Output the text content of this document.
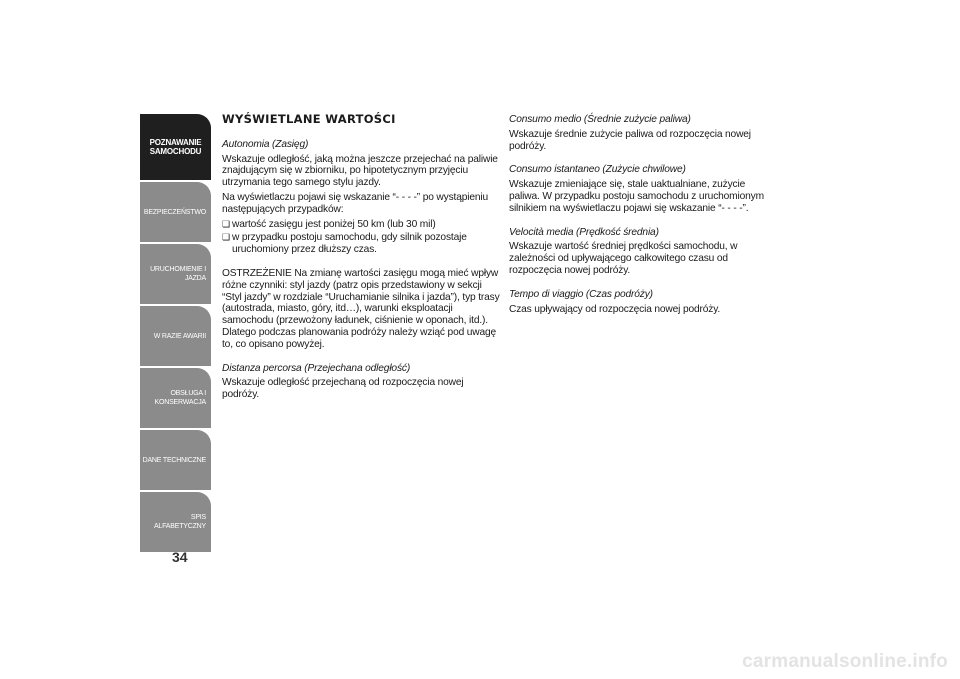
POZNAWANIE SAMOCHODU
BEZPIECZEŃSTWO
URUCHOMIENIE I JAZDA
W RAZIE AWARII
OBSŁUGA I KONSERWACJA
DANE TECHNICZNE
SPIS ALFABETYCZNY
34
WYŚWIETLANE WARTOŚCI
Autonomia (Zasięg)

Wskazuje odległość, jaką można jeszcze przejechać na paliwie znajdującym się w zbiorniku, po hipotetycznym przyjęciu utrzymania tego samego stylu jazdy.

Na wyświetlaczu pojawi się wskazanie “- - - -” po wystąpieniu następujących przypadków:

❏ wartość zasięgu jest poniżej 50 km (lub 30 mil)
❏ w przypadku postoju samochodu, gdy silnik pozostaje uruchomiony przez dłuższy czas.

OSTRZEŻENIE Na zmianę wartości zasięgu mogą mieć wpływ różne czynniki: styl jazdy (patrz opis przedstawiony w sekcji “Styl jazdy” w rozdziale “Uruchamianie silnika i jazda”), typ trasy (autostrada, miasto, góry, itd…), warunki eksploatacji samochodu (przewożony ładunek, ciśnienie w oponach, itd.). Dlatego podczas planowania podróży należy wziąć pod uwagę to, co opisano powyżej.

Distanza percorsa (Przejechana odległość)

Wskazuje odległość przejechaną od rozpoczęcia nowej podróży.

Consumo medio (Średnie zużycie paliwa)

Wskazuje średnie zużycie paliwa od rozpoczęcia nowej podróży.

Consumo istantaneo (Zużycie chwilowe)

Wskazuje zmieniające się, stale uaktualniane, zużycie paliwa. W przypadku postoju samochodu z uruchomionym silnikiem na wyświetlaczu pojawi się wskazanie “- - - -”.

Velocità media (Prędkość średnia)

Wskazuje wartość średniej prędkości samochodu, w zależności od upływającego całkowitego czasu od rozpoczęcia nowej podróży.

Tempo di viaggio (Czas podróży)

Czas upływający od rozpoczęcia nowej podróży.

carmanualsonline.info
